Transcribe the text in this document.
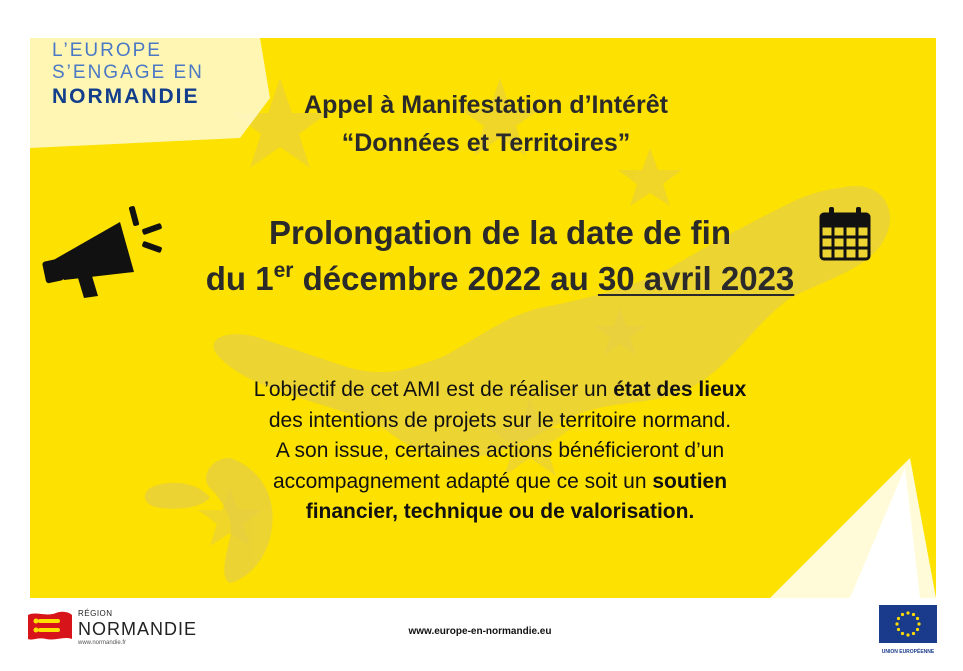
L’EUROPE
S’ENGAGE EN
NORMANDIE	Appel à Manifestation d’Intérêt
“Données et Territoires”
Prolongation de la date de fin
du 1er décembre 2022 au 30 avril 2023
L’objectif de cet AMI est de réaliser un état des lieux
des intentions de projets sur le territoire normand.
A son issue, certaines actions bénéficieront d’un
accompagnement adapté que ce soit un soutien
financier, technique ou de valorisation.
RÉGION
NORMANDIE
www.normandie.fr
www.europe-en-normandie.eu
UNION EUROPÉENNE
